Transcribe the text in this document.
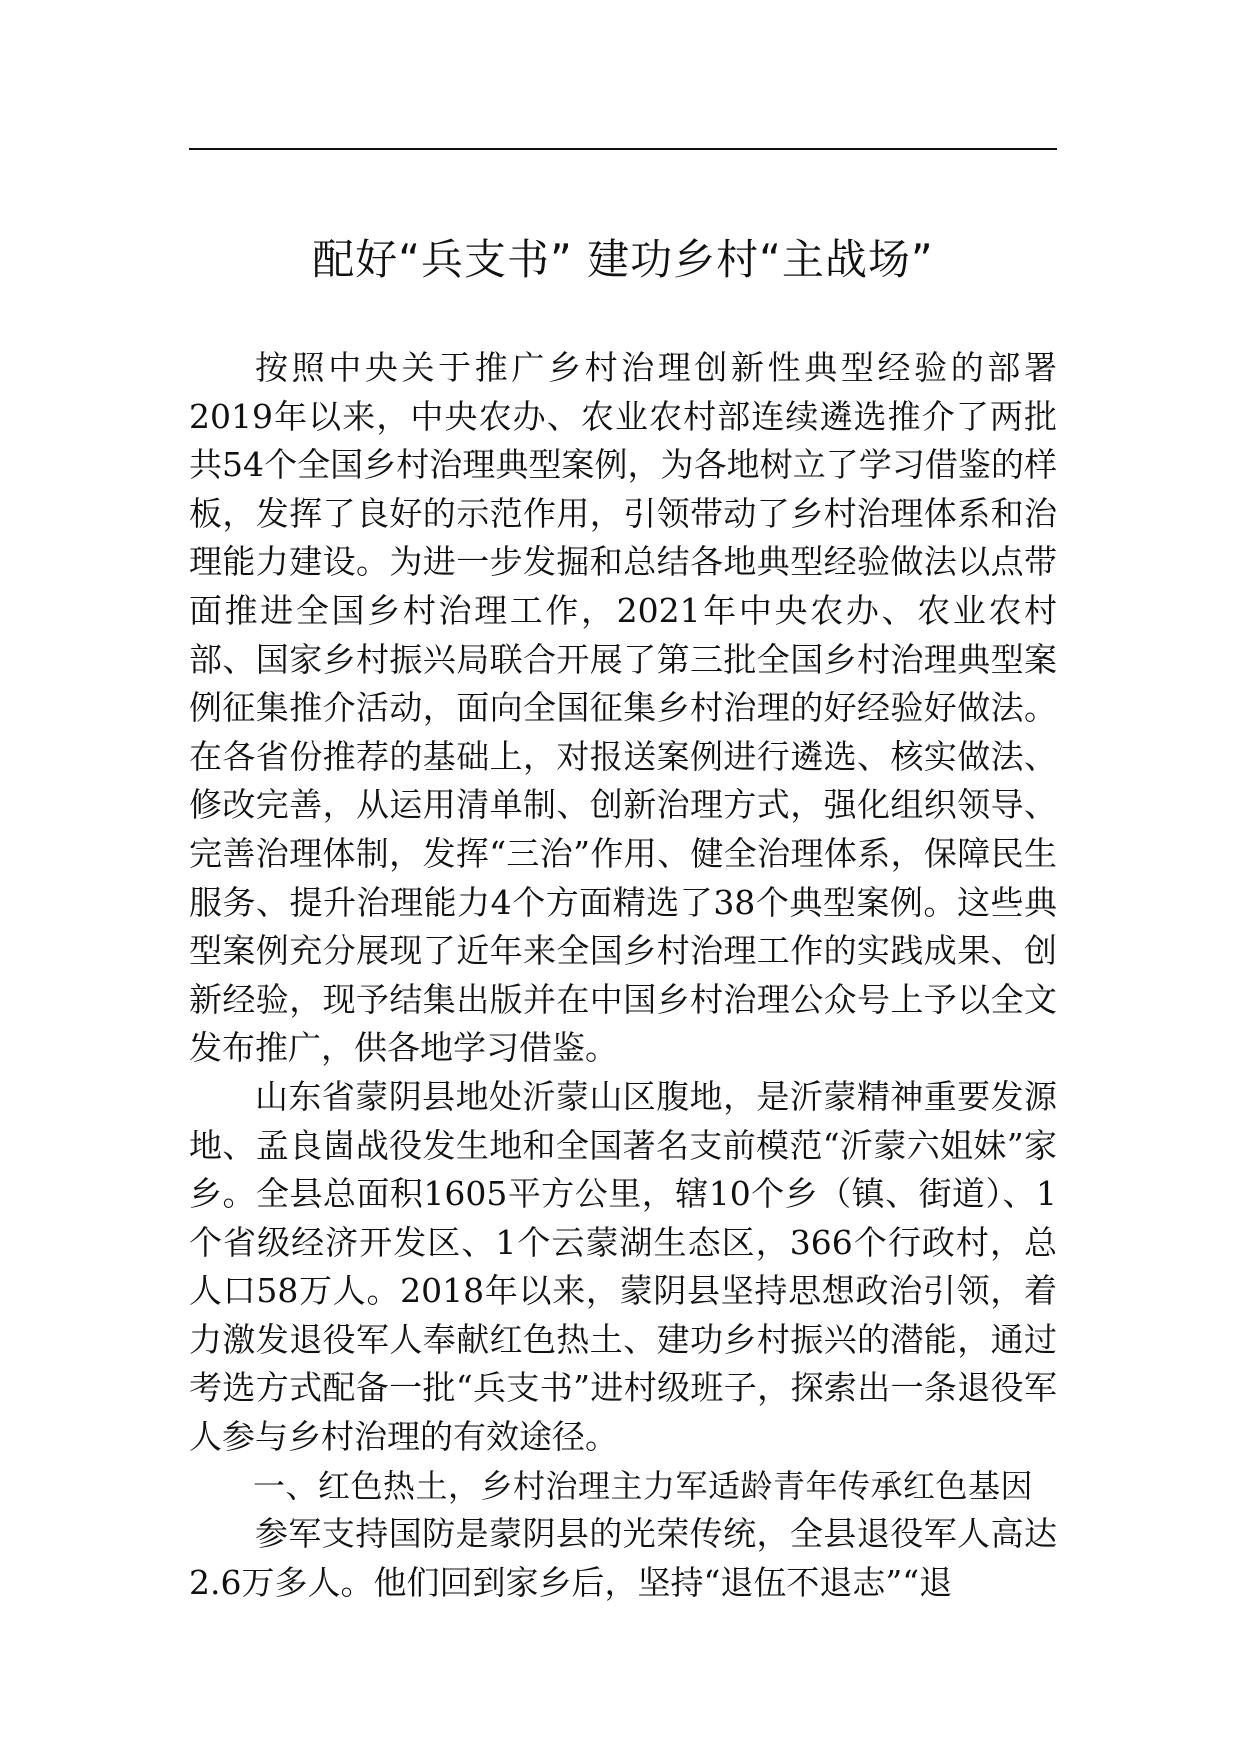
配好“兵支书” 建功乡村“主战场”

按照中央关于推广乡村治理创新性典型经验的部署2019年以来，中央农办、农业农村部连续遴选推介了两批共54个全国乡村治理典型案例，为各地树立了学习借鉴的样板，发挥了良好的示范作用，引领带动了乡村治理体系和治理能力建设。为进一步发掘和总结各地典型经验做法以点带面推进全国乡村治理工作，2021年中央农办、农业农村部、国家乡村振兴局联合开展了第三批全国乡村治理典型案例征集推介活动，面向全国征集乡村治理的好经验好做法。在各省份推荐的基础上，对报送案例进行遴选、核实做法、修改完善，从运用清单制、创新治理方式，强化组织领导、完善治理体制，发挥“三治”作用、健全治理体系，保障民生服务、提升治理能力4个方面精选了38个典型案例。这些典型案例充分展现了近年来全国乡村治理工作的实践成果、创新经验，现予结集出版并在中国乡村治理公众号上予以全文发布推广，供各地学习借鉴。

山东省蒙阴县地处沂蒙山区腹地，是沂蒙精神重要发源地、孟良崮战役发生地和全国著名支前模范“沂蒙六姐妹”家乡。全县总面积1605平方公里，辖10个乡（镇、街道）、1个省级经济开发区、1个云蒙湖生态区，366个行政村，总人口58万人。2018年以来，蒙阴县坚持思想政治引领，着力激发退役军人奉献红色热土、建功乡村振兴的潜能，通过考选方式配备一批“兵支书”进村级班子，探索出一条退役军人参与乡村治理的有效途径。

一、红色热土，乡村治理主力军适龄青年传承红色基因

参军支持国防是蒙阴县的光荣传统，全县退役军人高达2.6万多人。他们回到家乡后，坚持“退伍不退志”“退
